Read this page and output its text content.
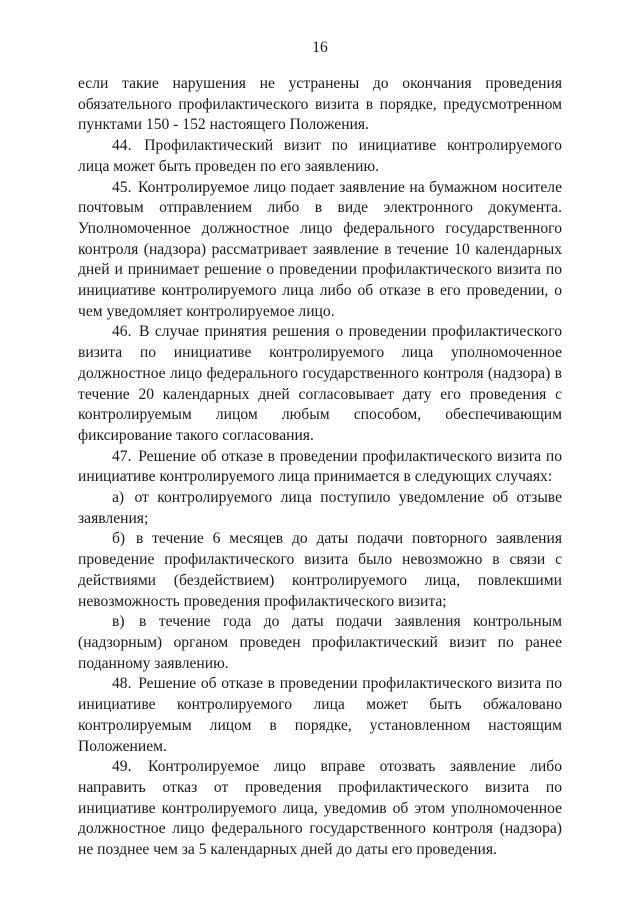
16

если такие нарушения не устранены до окончания проведения обязательного профилактического визита в порядке, предусмотренном пунктами 150 - 152 настоящего Положения.

44. Профилактический визит по инициативе контролируемого лица может быть проведен по его заявлению.

45. Контролируемое лицо подает заявление на бумажном носителе почтовым отправлением либо в виде электронного документа. Уполномоченное должностное лицо федерального государственного контроля (надзора) рассматривает заявление в течение 10 календарных дней и принимает решение о проведении профилактического визита по инициативе контролируемого лица либо об отказе в его проведении, о чем уведомляет контролируемое лицо.

46. В случае принятия решения о проведении профилактического визита по инициативе контролируемого лица уполномоченное должностное лицо федерального государственного контроля (надзора) в течение 20 календарных дней согласовывает дату его проведения с контролируемым лицом любым способом, обеспечивающим фиксирование такого согласования.

47. Решение об отказе в проведении профилактического визита по инициативе контролируемого лица принимается в следующих случаях:

а) от контролируемого лица поступило уведомление об отзыве заявления;

б) в течение 6 месяцев до даты подачи повторного заявления проведение профилактического визита было невозможно в связи с действиями (бездействием) контролируемого лица, повлекшими невозможность проведения профилактического визита;

в) в течение года до даты подачи заявления контрольным (надзорным) органом проведен профилактический визит по ранее поданному заявлению.

48. Решение об отказе в проведении профилактического визита по инициативе контролируемого лица может быть обжаловано контролируемым лицом в порядке, установленном настоящим Положением.

49. Контролируемое лицо вправе отозвать заявление либо направить отказ от проведения профилактического визита по инициативе контролируемого лица, уведомив об этом уполномоченное должностное лицо федерального государственного контроля (надзора) не позднее чем за 5 календарных дней до даты его проведения.
